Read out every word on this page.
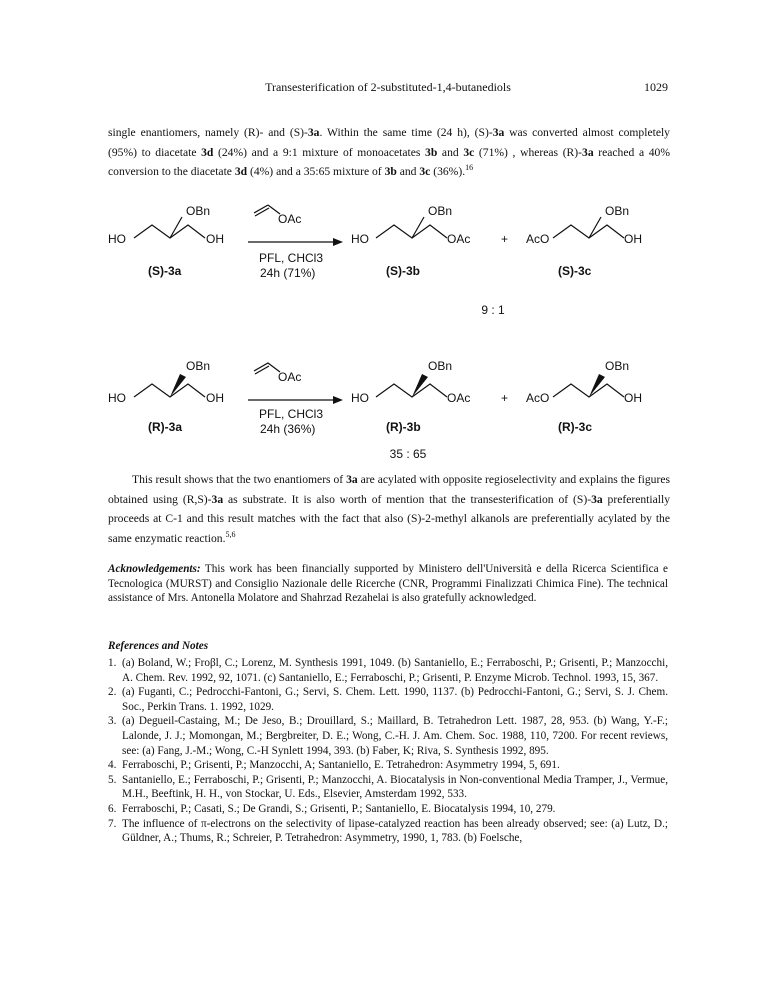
Transesterification of 2-substituted-1,4-butanediols	1029

single enantiomers, namely (R)- and (S)-3a. Within the same time (24 h), (S)-3a was converted almost completely (95%) to diacetate 3d (24%) and a 9:1 mixture of monoacetates 3b and 3c (71%) , whereas (R)-3a reached a 40% conversion to the diacetate 3d (4%) and a 35:65 mixture of 3b and 3c (36%).$^{16}$

HO	OH
OBn
(S)-3a
OAc
PFL, CHCl3
24h (71%)
HO	OAc
OBn
(S)-3b
+ AcO	OH
OBn
(S)-3c
9 : 1
HO	OH
OBn
(R)-3a
OAc
PFL, CHCl3
24h (36%)
HO	OAc
OBn
(R)-3b
+ AcO	OH
OBn
(R)-3c
35 : 65

This result shows that the two enantiomers of 3a are acylated with opposite regioselectivity and explains the figures obtained using (R,S)-3a as substrate. It is also worth of mention that the transesterification of (S)-3a preferentially proceeds at C-1 and this result matches with the fact that also (S)-2-methyl alkanols are preferentially acylated by the same enzymatic reaction.$^{5,6}$

Acknowledgements: This work has been financially supported by Ministero dell'Università e della Ricerca Scientifica e Tecnologica (MURST) and Consiglio Nazionale delle Ricerche (CNR, Programmi Finalizzati Chimica Fine). The technical assistance of Mrs. Antonella Molatore and Shahrzad Rezahelai is also gratefully acknowledged.

References and Notes
1. (a) Boland, W.; Froβl, C.; Lorenz, M. Synthesis 1991, 1049. (b) Santaniello, E.; Ferraboschi, P.; Grisenti, P.; Manzocchi, A. Chem. Rev. 1992, 92, 1071. (c) Santaniello, E.; Ferraboschi, P.; Grisenti, P. Enzyme Microb. Technol. 1993, 15, 367.
2. (a) Fuganti, C.; Pedrocchi-Fantoni, G.; Servi, S. Chem. Lett. 1990, 1137. (b) Pedrocchi-Fantoni, G.; Servi, S. J. Chem. Soc., Perkin Trans. 1. 1992, 1029.
3. (a) Degueil-Castaing, M.; De Jeso, B.; Drouillard, S.; Maillard, B. Tetrahedron Lett. 1987, 28, 953. (b) Wang, Y.-F.; Lalonde, J. J.; Momongan, M.; Bergbreiter, D. E.; Wong, C.-H. J. Am. Chem. Soc. 1988, 110, 7200. For recent reviews, see: (a) Fang, J.-M.; Wong, C.-H Synlett 1994, 393. (b) Faber, K; Riva, S. Synthesis 1992, 895.
4. Ferraboschi, P.; Grisenti, P.; Manzocchi, A; Santaniello, E. Tetrahedron: Asymmetry 1994, 5, 691.
5. Santaniello, E.; Ferraboschi, P.; Grisenti, P.; Manzocchi, A. Biocatalysis in Non-conventional Media Tramper, J., Vermue, M.H., Beeftink, H. H., von Stockar, U. Eds., Elsevier, Amsterdam 1992, 533.
6. Ferraboschi, P.; Casati, S.; De Grandi, S.; Grisenti, P.; Santaniello, E. Biocatalysis 1994, 10, 279.
7. The influence of π-electrons on the selectivity of lipase-catalyzed reaction has been already observed; see: (a) Lutz, D.; Güldner, A.; Thums, R.; Schreier, P. Tetrahedron: Asymmetry, 1990, 1, 783. (b) Foelsche,
